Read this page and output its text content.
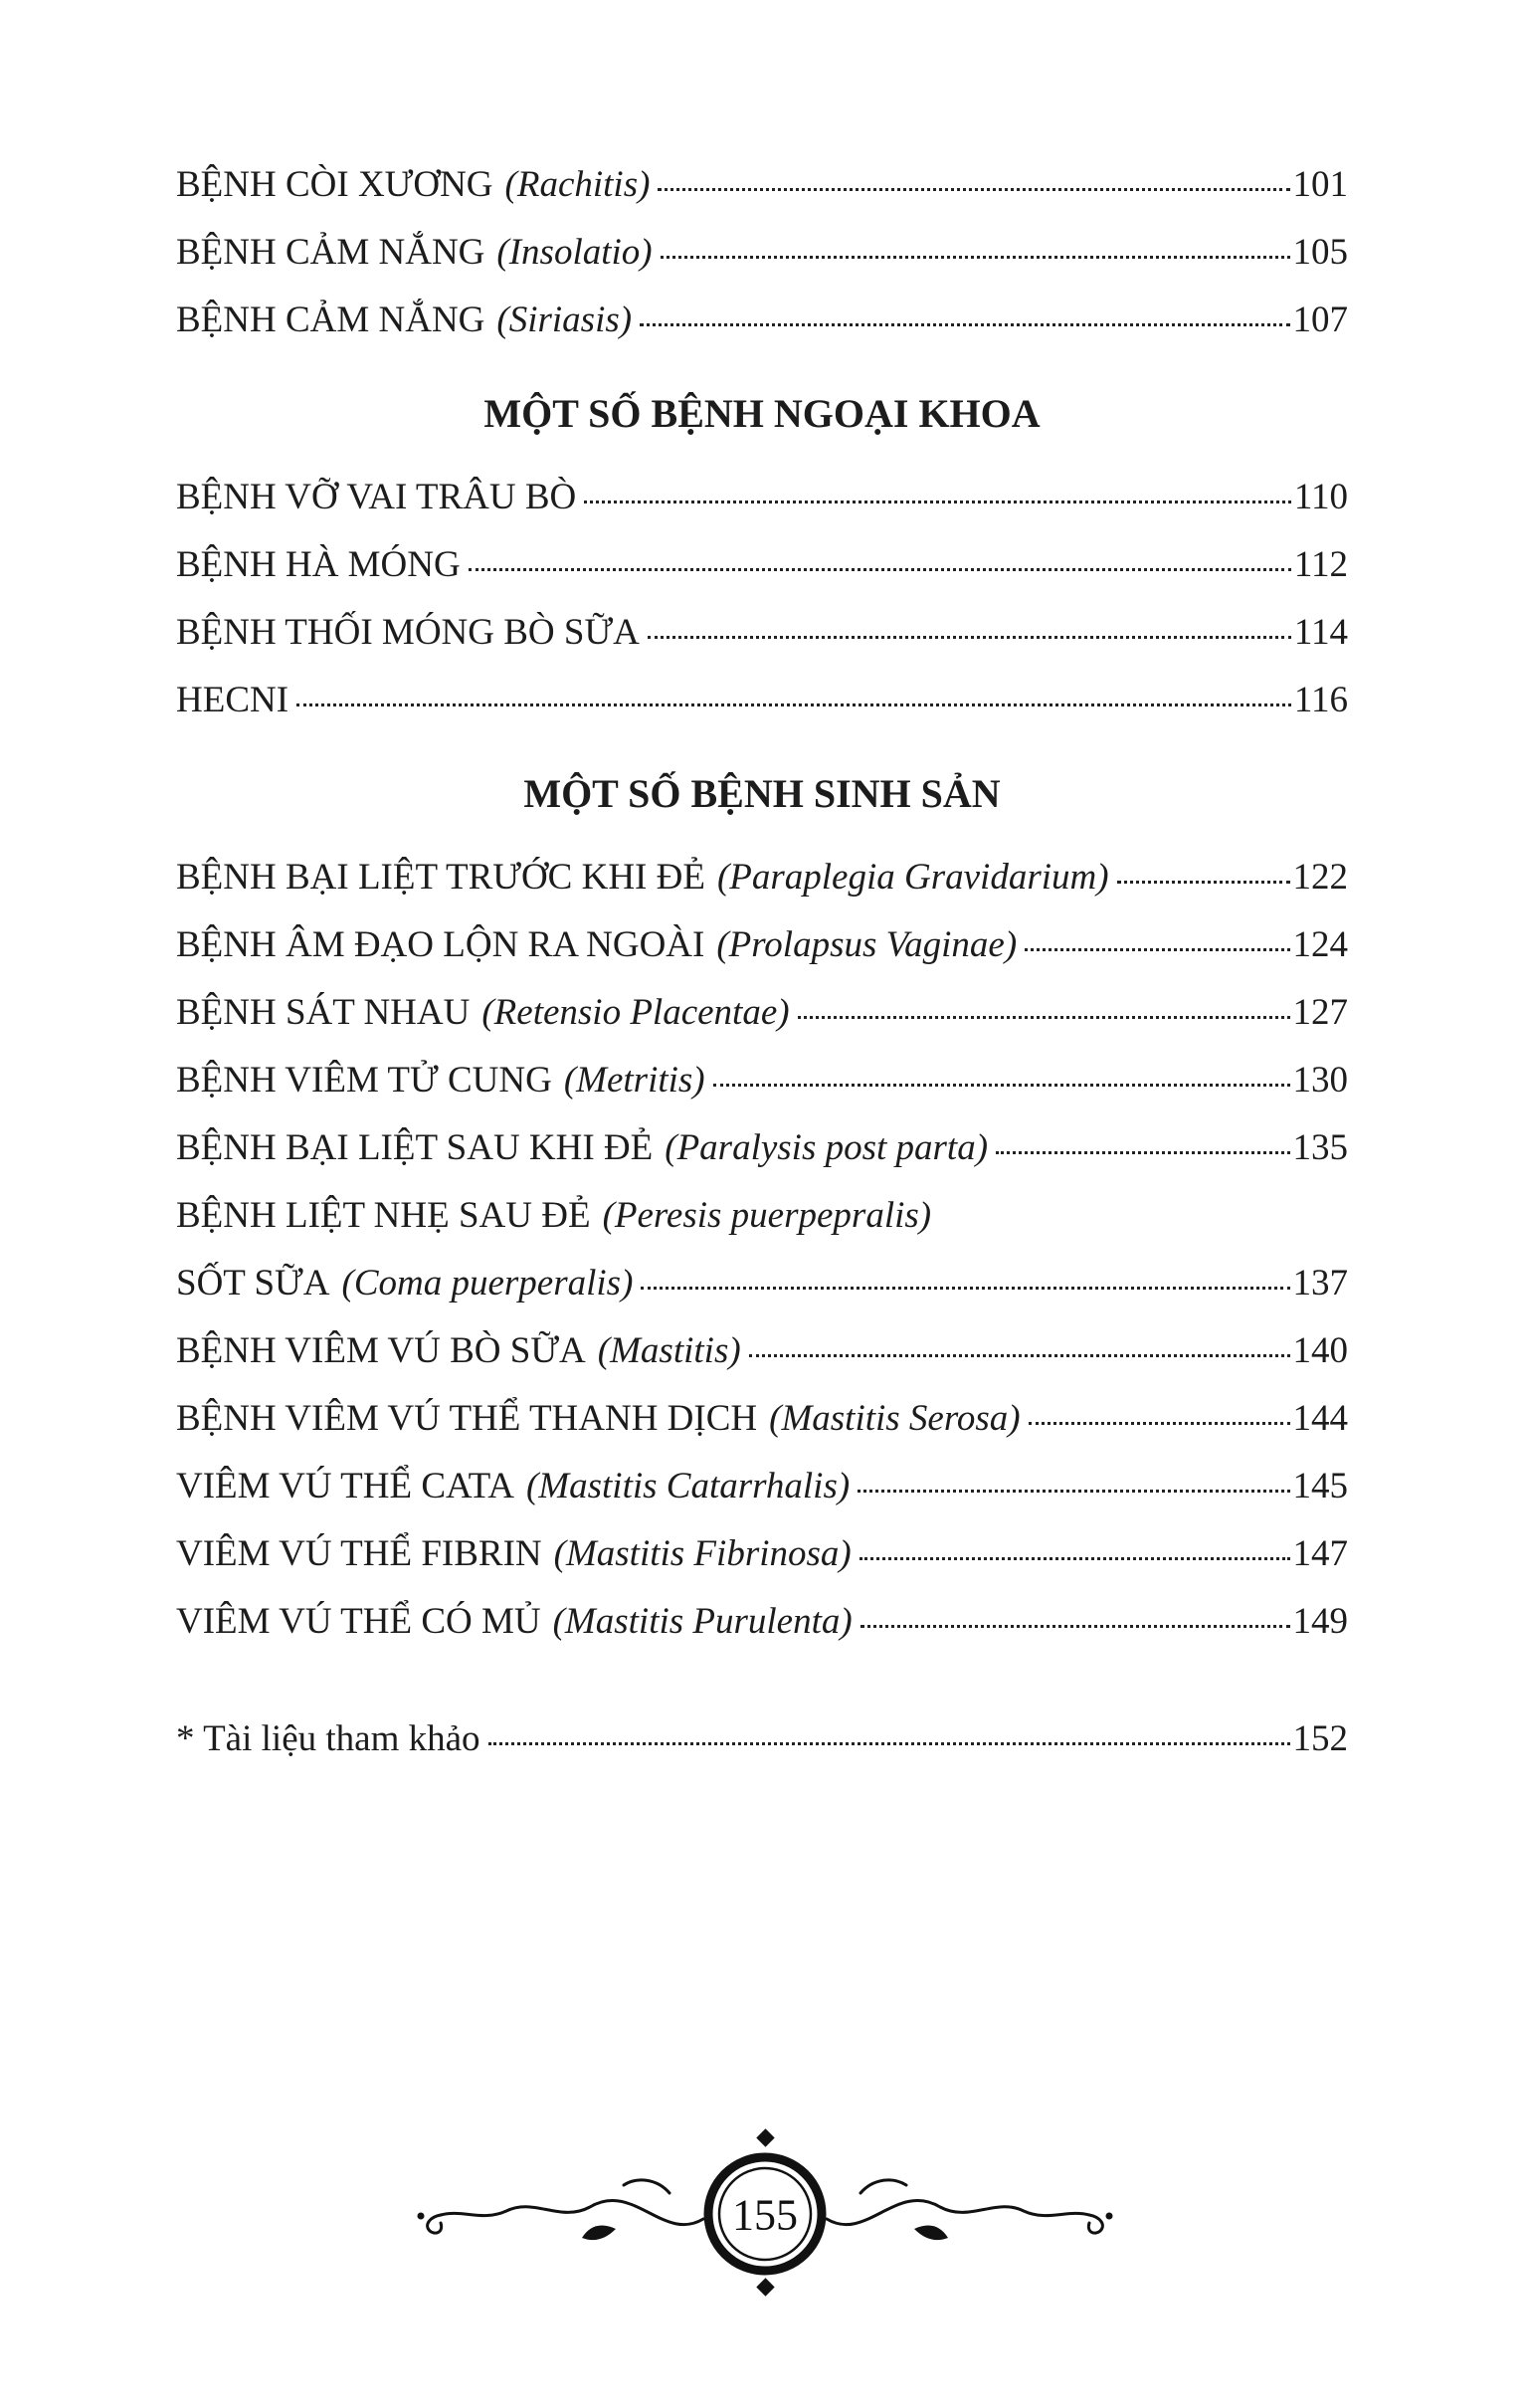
BỆNH CÒI XƯƠNG (Rachitis)	101
BỆNH CẢM NẮNG (Insolatio)	105
BỆNH CẢM NẮNG (Siriasis)	107
MỘT SỐ BỆNH NGOẠI KHOA
BỆNH VỠ VAI TRÂU BÒ	110
BỆNH HÀ MÓNG	112
BỆNH THỐI MÓNG BÒ SỮA	114
HECNI	116
MỘT SỐ BỆNH SINH SẢN
BỆNH BẠI LIỆT TRƯỚC KHI ĐẺ (Paraplegia Gravidarium)	122
BỆNH ÂM ĐẠO LỘN RA NGOÀI (Prolapsus Vaginae)	124
BỆNH SÁT NHAU (Retensio Placentae)	127
BỆNH VIÊM TỬ CUNG (Metritis)	130
BỆNH BẠI LIỆT SAU KHI ĐẺ (Paralysis post parta)	135
BỆNH LIỆT NHẸ SAU ĐẺ (Peresis puerpepralis)
SỐT SỮA (Coma puerperalis)	137
BỆNH VIÊM VÚ BÒ SỮA (Mastitis)	140
BỆNH VIÊM VÚ THỂ THANH DỊCH (Mastitis Serosa)	144
VIÊM VÚ THỂ CATA (Mastitis Catarrhalis)	145
VIÊM VÚ THỂ FIBRIN (Mastitis Fibrinosa)	147
VIÊM VÚ THỂ CÓ MỦ (Mastitis Purulenta)	149
* Tài liệu tham khảo	152
155
